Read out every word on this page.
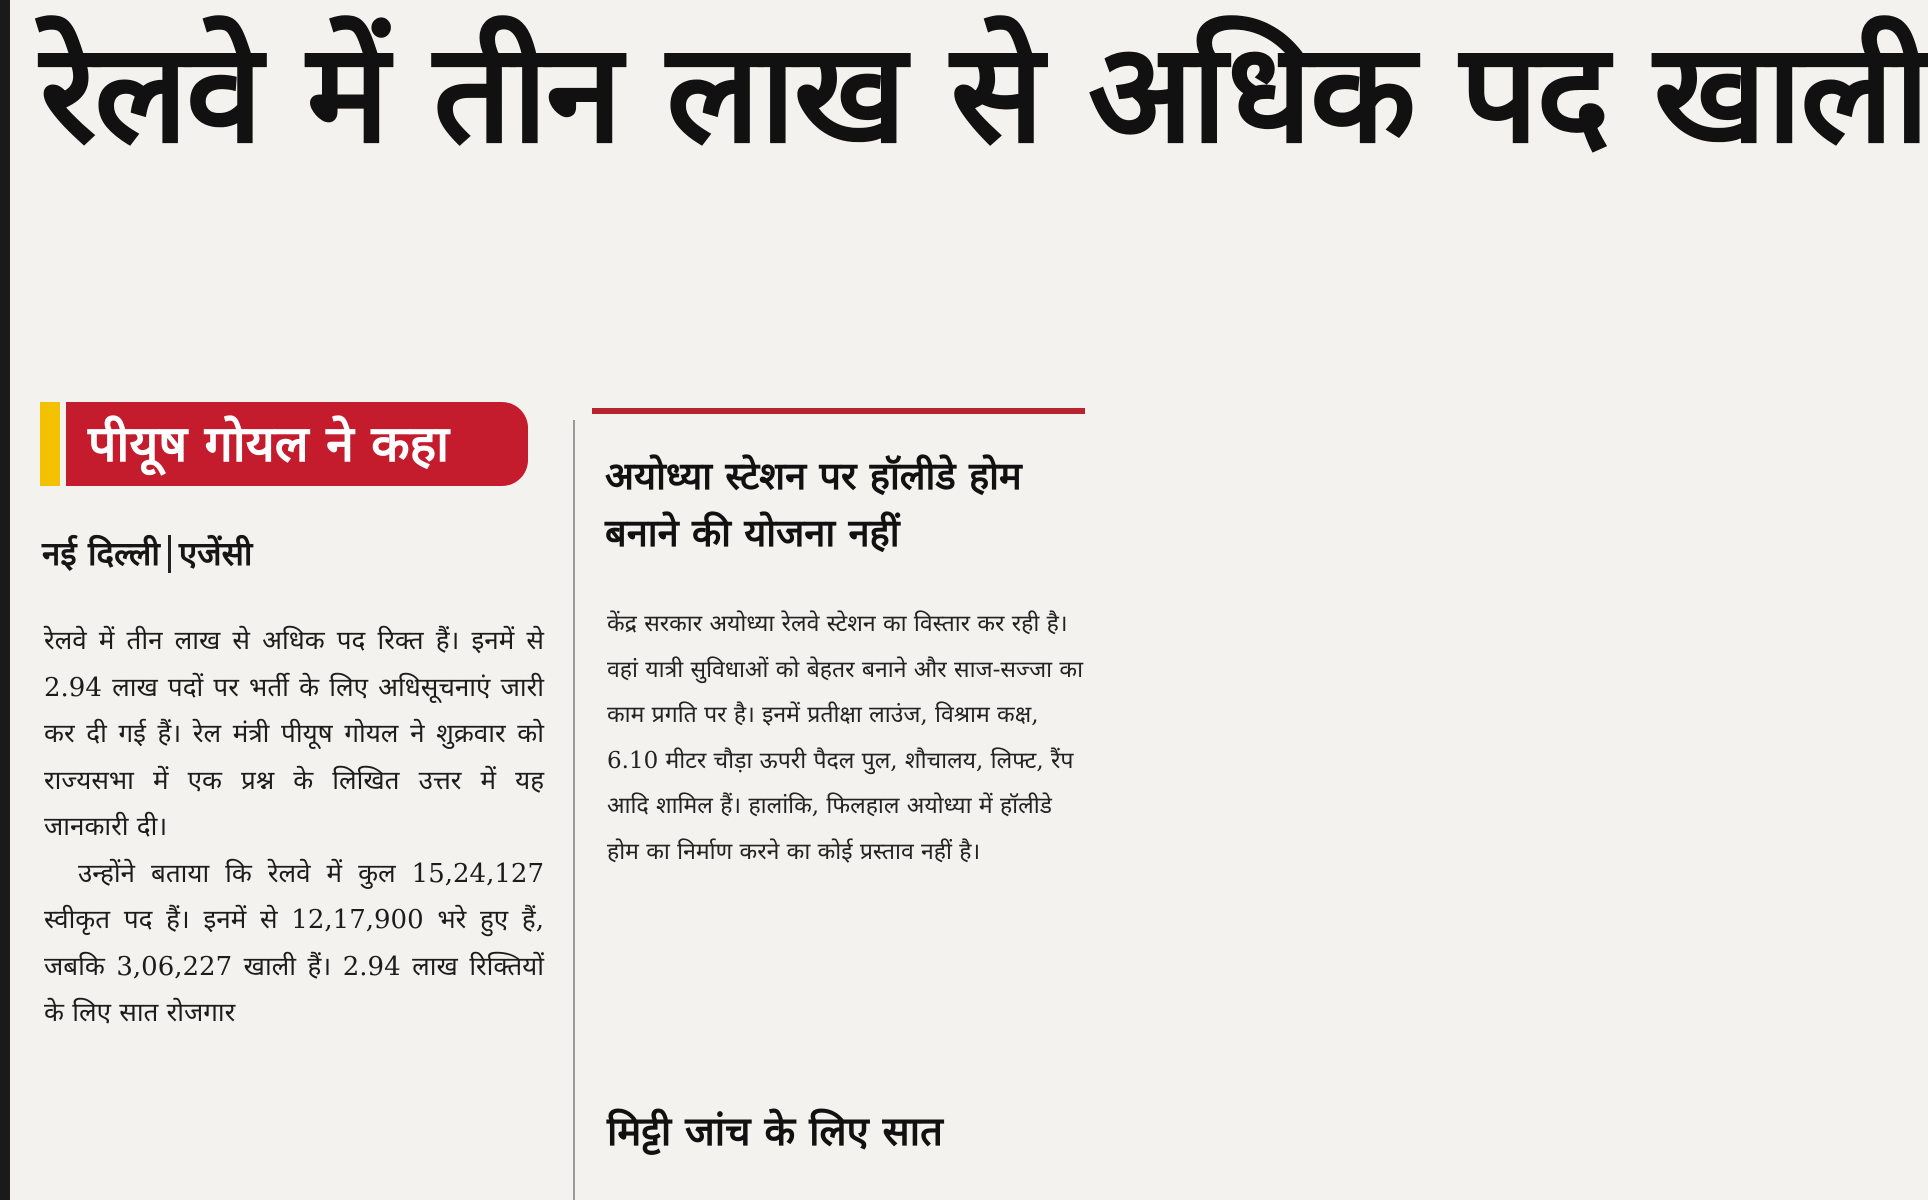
रेलवे में तीन लाख से अधिक पद खाली
पीयूष गोयल ने कहा
नई दिल्ली एजेंसी

रेलवे में तीन लाख से अधिक पद रिक्त हैं। इनमें से 2.94 लाख पदों पर भर्ती के लिए अधिसूचनाएं जारी कर दी गई हैं। रेल मंत्री पीयूष गोयल ने शुक्रवार को राज्यसभा में एक प्रश्न के लिखित उत्तर में यह जानकारी दी।

उन्होंने बताया कि रेलवे में कुल 15,24,127 स्वीकृत पद हैं। इनमें से 12,17,900 भरे हुए हैं, जबकि 3,06,227 खाली हैं। 2.94 लाख रिक्तियों के लिए सात रोजगार

अयोध्या स्टेशन पर हॉलीडे होम बनाने की योजना नहीं

केंद्र सरकार अयोध्या रेलवे स्टेशन का विस्तार कर रही है। वहां यात्री सुविधाओं को बेहतर बनाने और साज-सज्जा का काम प्रगति पर है। इनमें प्रतीक्षा लाउंज, विश्राम कक्ष, 6.10 मीटर चौड़ा ऊपरी पैदल पुल, शौचालय, लिफ्ट, रैंप आदि शामिल हैं। हालांकि, फिलहाल अयोध्या में हॉलीडे होम का निर्माण करने का कोई प्रस्ताव नहीं है।

मिट्टी जांच के लिए सात
